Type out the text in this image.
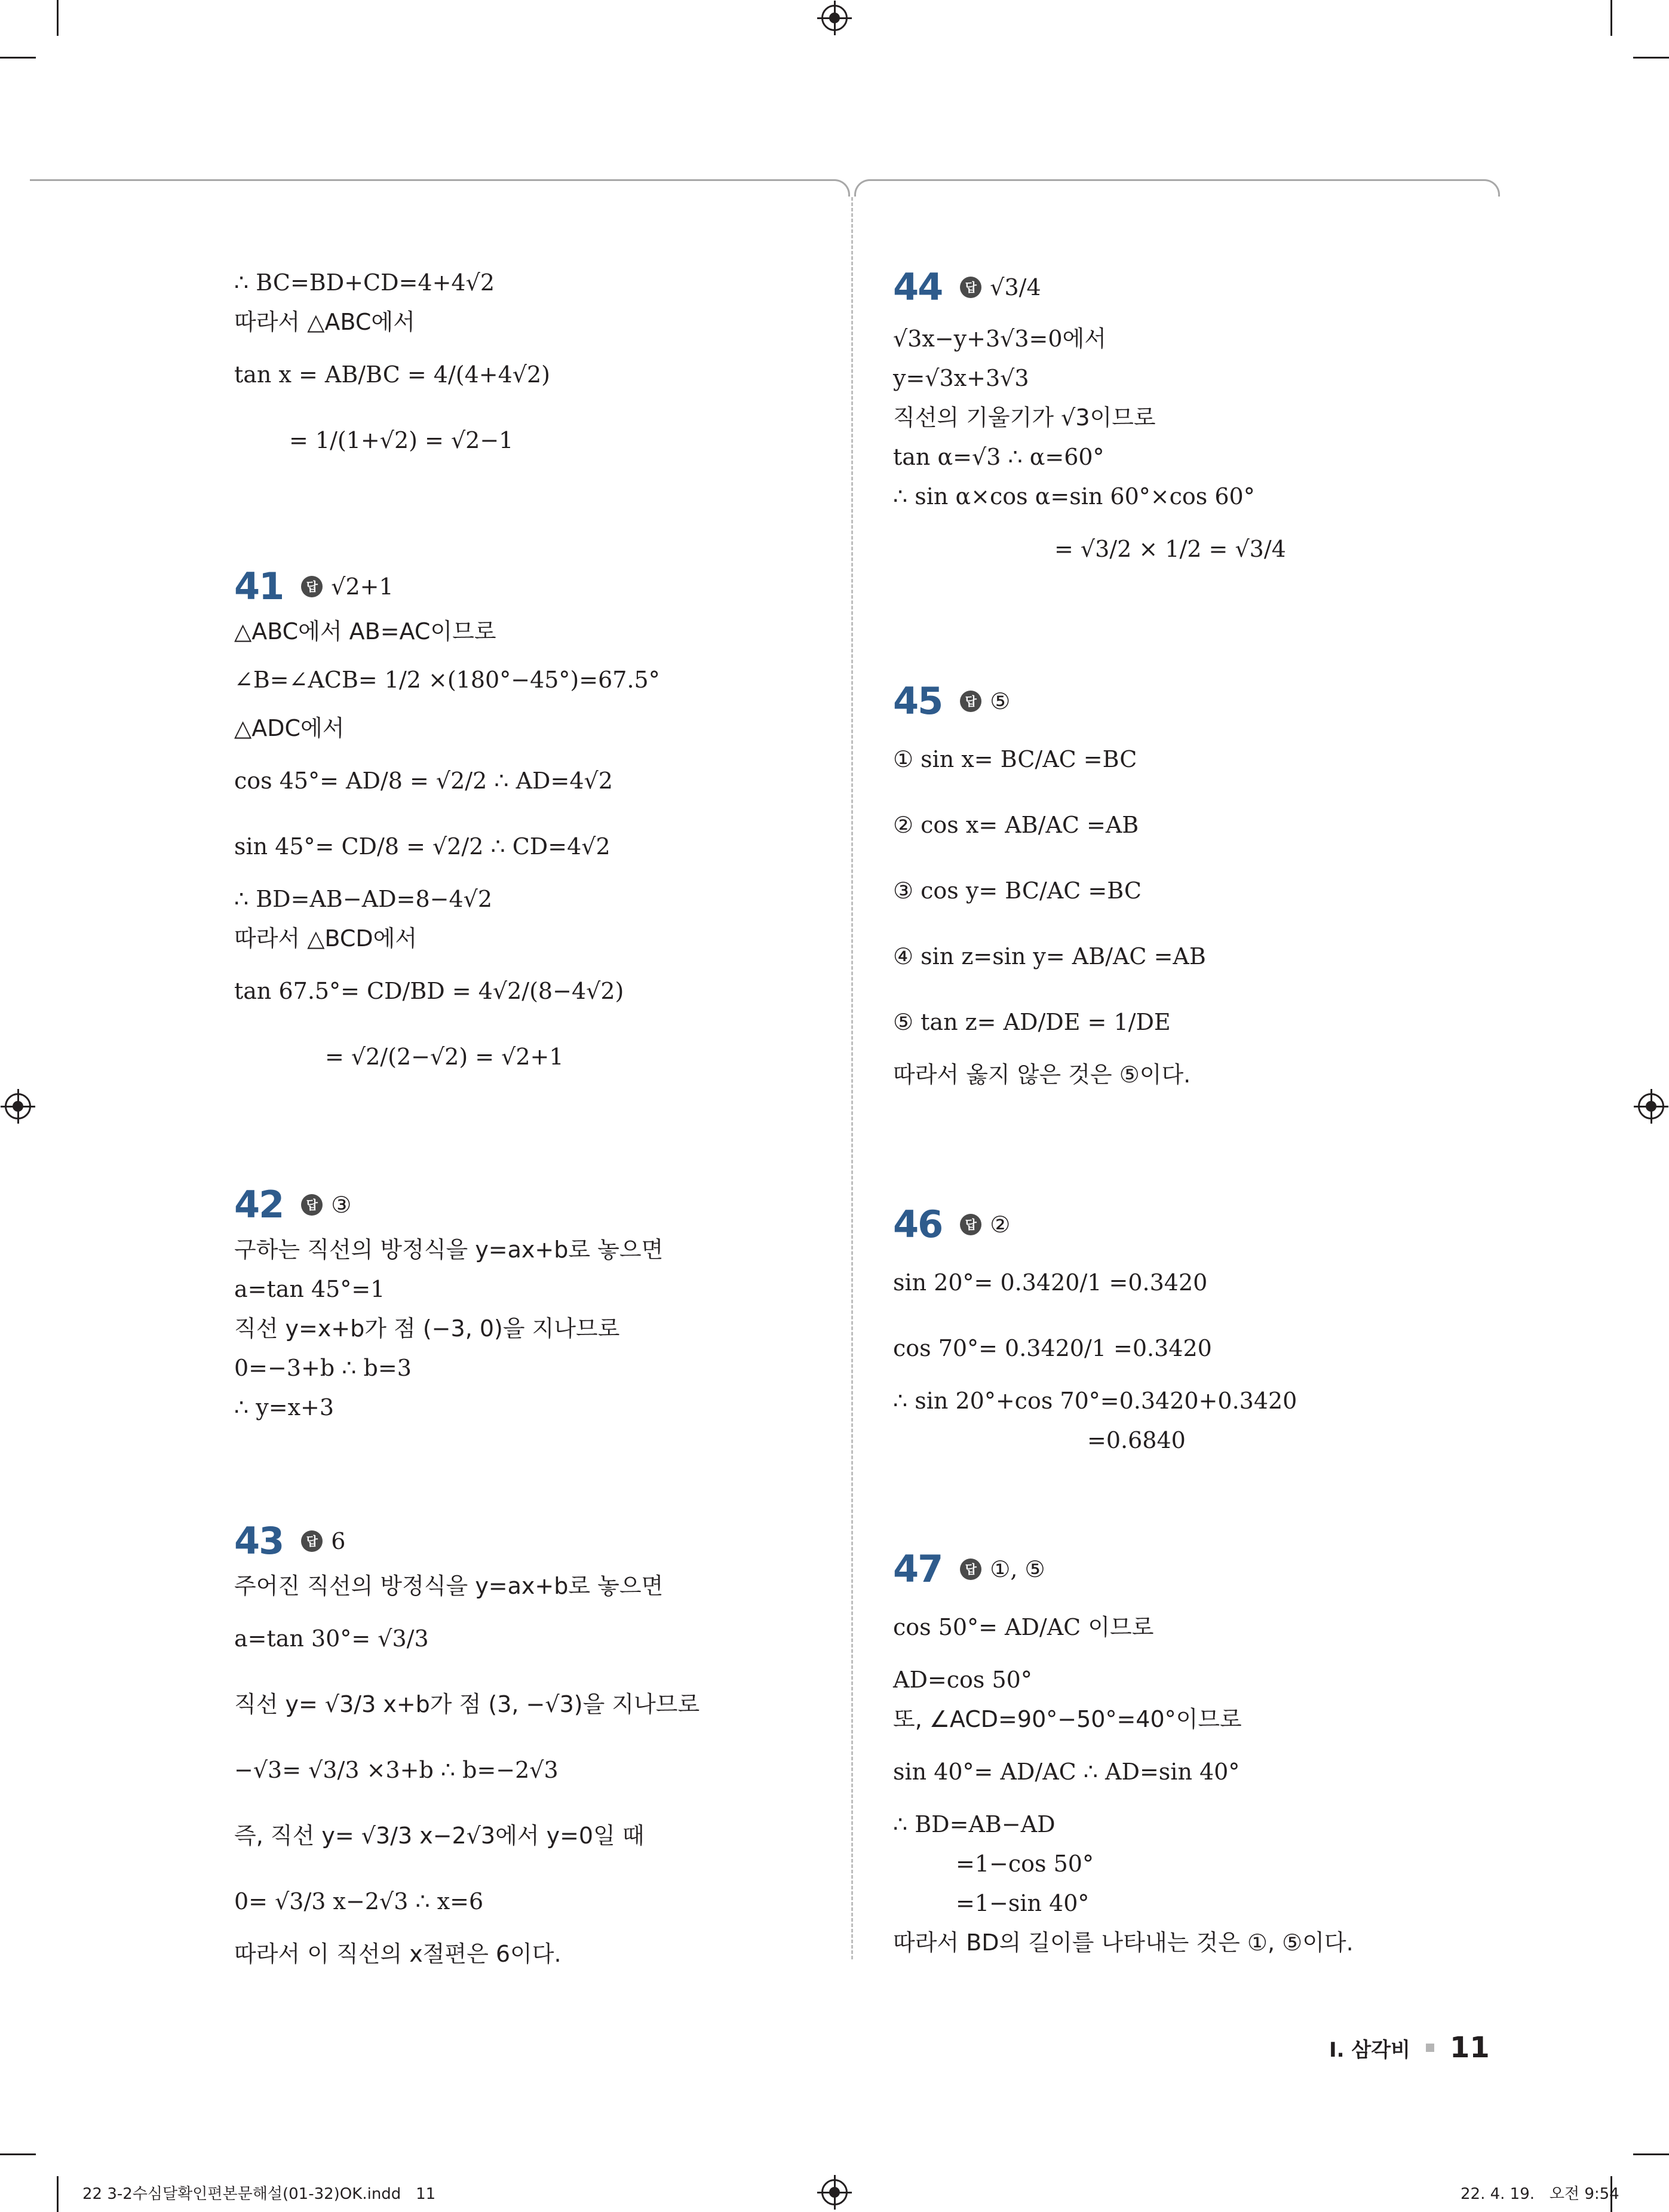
∴ BC=BD+CD=4+4√2
따라서 △ABC에서
tan x = AB/BC = 4/(4+4√2)
= 1/(1+√2) = √2−1
41	답 √2+1
△ABC에서 AB=AC이므로
∠B=∠ACB= 1/2 ×(180°−45°)=67.5°
△ADC에서
cos 45°= AD/8 = √2/2 ∴ AD=4√2
sin 45°= CD/8 = √2/2 ∴ CD=4√2
∴ BD=AB−AD=8−4√2
따라서 △BCD에서
tan 67.5°= CD/BD = 4√2/(8−4√2)
= √2/(2−√2) = √2+1
42	답 ③
구하는 직선의 방정식을 y=ax+b로 놓으면
a=tan 45°=1
직선 y=x+b가 점 (−3, 0)을 지나므로
0=−3+b ∴ b=3
∴ y=x+3
43	답 6
주어진 직선의 방정식을 y=ax+b로 놓으면
a=tan 30°= √3/3
직선 y= √3/3 x+b가 점 (3, −√3)을 지나므로
−√3= √3/3 ×3+b ∴ b=−2√3
즉, 직선 y= √3/3 x−2√3에서 y=0일 때
0= √3/3 x−2√3 ∴ x=6
따라서 이 직선의 x절편은 6이다.
44	답 √3/4
√3x−y+3√3=0에서
y=√3x+3√3
직선의 기울기가 √3이므로
tan α=√3 ∴ α=60°
∴ sin α×cos α=sin 60°×cos 60°
= √3/2 × 1/2 = √3/4
45	답 ⑤
① sin x= BC/AC =BC
② cos x= AB/AC =AB
③ cos y= BC/AC =BC
④ sin z=sin y= AB/AC =AB
⑤ tan z= AD/DE = 1/DE
따라서 옳지 않은 것은 ⑤이다.
46	답 ②
sin 20°= 0.3420/1 =0.3420
cos 70°= 0.3420/1 =0.3420
∴ sin 20°+cos 70°=0.3420+0.3420
=0.6840
47	답 ①, ⑤
cos 50°= AD/AC 이므로
AD=cos 50°
또, ∠ACD=90°−50°=40°이므로
sin 40°= AD/AC ∴ AD=sin 40°
∴ BD=AB−AD
=1−cos 50°
=1−sin 40°
따라서 BD의 길이를 나타내는 것은 ①, ⑤이다.
I. 삼각비 11
22 3-2수심달확인편본문해설(01-32)OK.indd   11	22. 4. 19.   오전 9:54
